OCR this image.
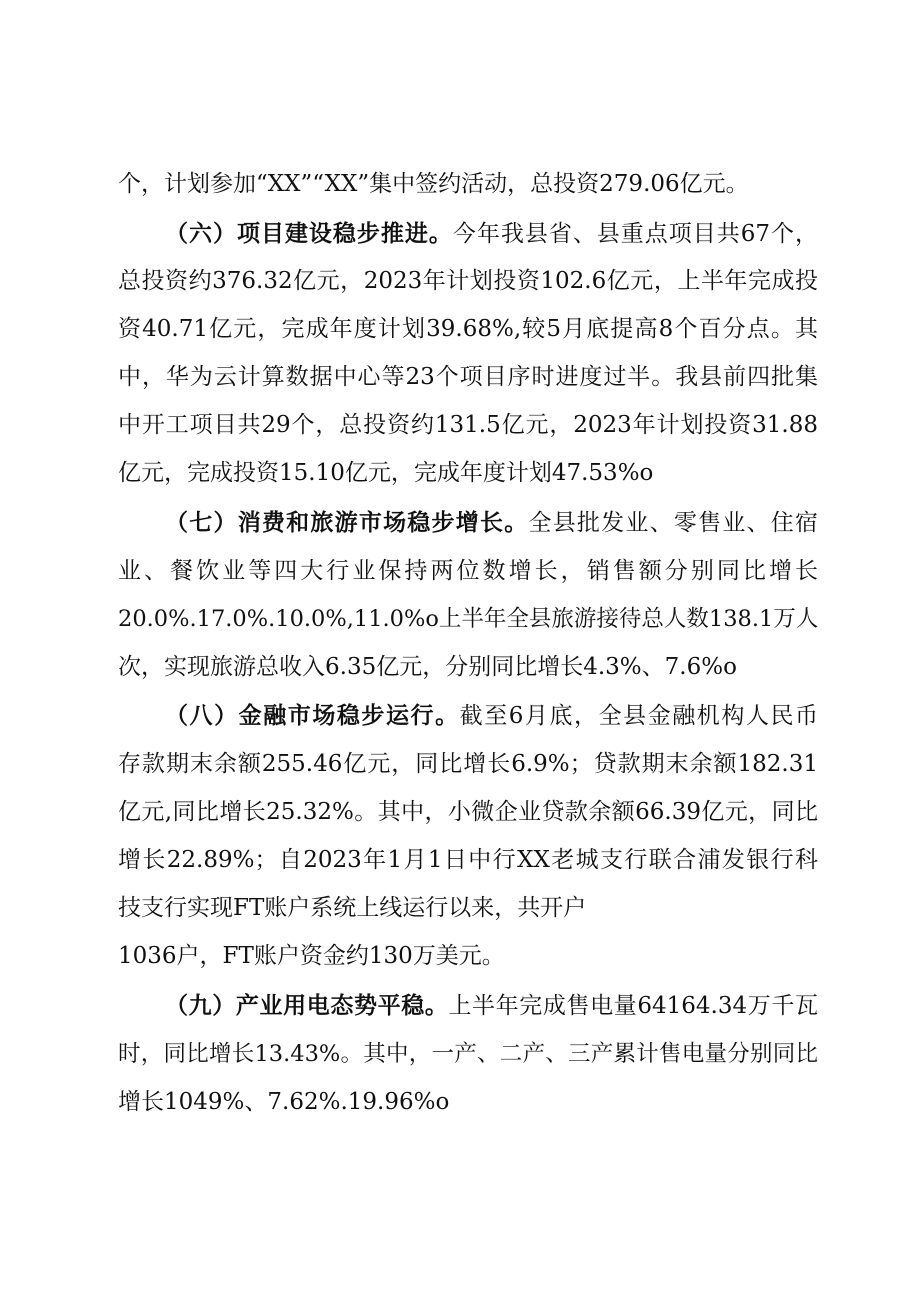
个，计划参加“XX”“XX”集中签约活动，总投资279.06亿元。
（六）项目建设稳步推进。今年我县省、县重点项目共67个，
总投资约376.32亿元，2023年计划投资102.6亿元，上半年完成投
资40.71亿元，完成年度计划39.68%,较5月底提高8个百分点。其
中，华为云计算数据中心等23个项目序时进度过半。我县前四批集
中开工项目共29个，总投资约131.5亿元，2023年计划投资31.88
亿元，完成投资15.10亿元，完成年度计划47.53%o
（七）消费和旅游市场稳步增长。全县批发业、零售业、住宿
业、餐饮业等四大行业保持两位数增长，销售额分别同比增长
20.0%.17.0%.10.0%,11.0%o上半年全县旅游接待总人数138.1万人
次，实现旅游总收入6.35亿元，分别同比增长4.3%、7.6%o
（八）金融市场稳步运行。截至6月底，全县金融机构人民币
存款期末余额255.46亿元，同比增长6.9%；贷款期末余额182.31
亿元,同比增长25.32%。其中，小微企业贷款余额66.39亿元，同比
增长22.89%；自2023年1月1日中行XX老城支行联合浦发银行科
技支行实现FT账户系统上线运行以来，共开户
1036户，FT账户资金约130万美元。
（九）产业用电态势平稳。上半年完成售电量64164.34万千瓦
时，同比增长13.43%。其中，一产、二产、三产累计售电量分别同比
增长1049%、7.62%.19.96%o
